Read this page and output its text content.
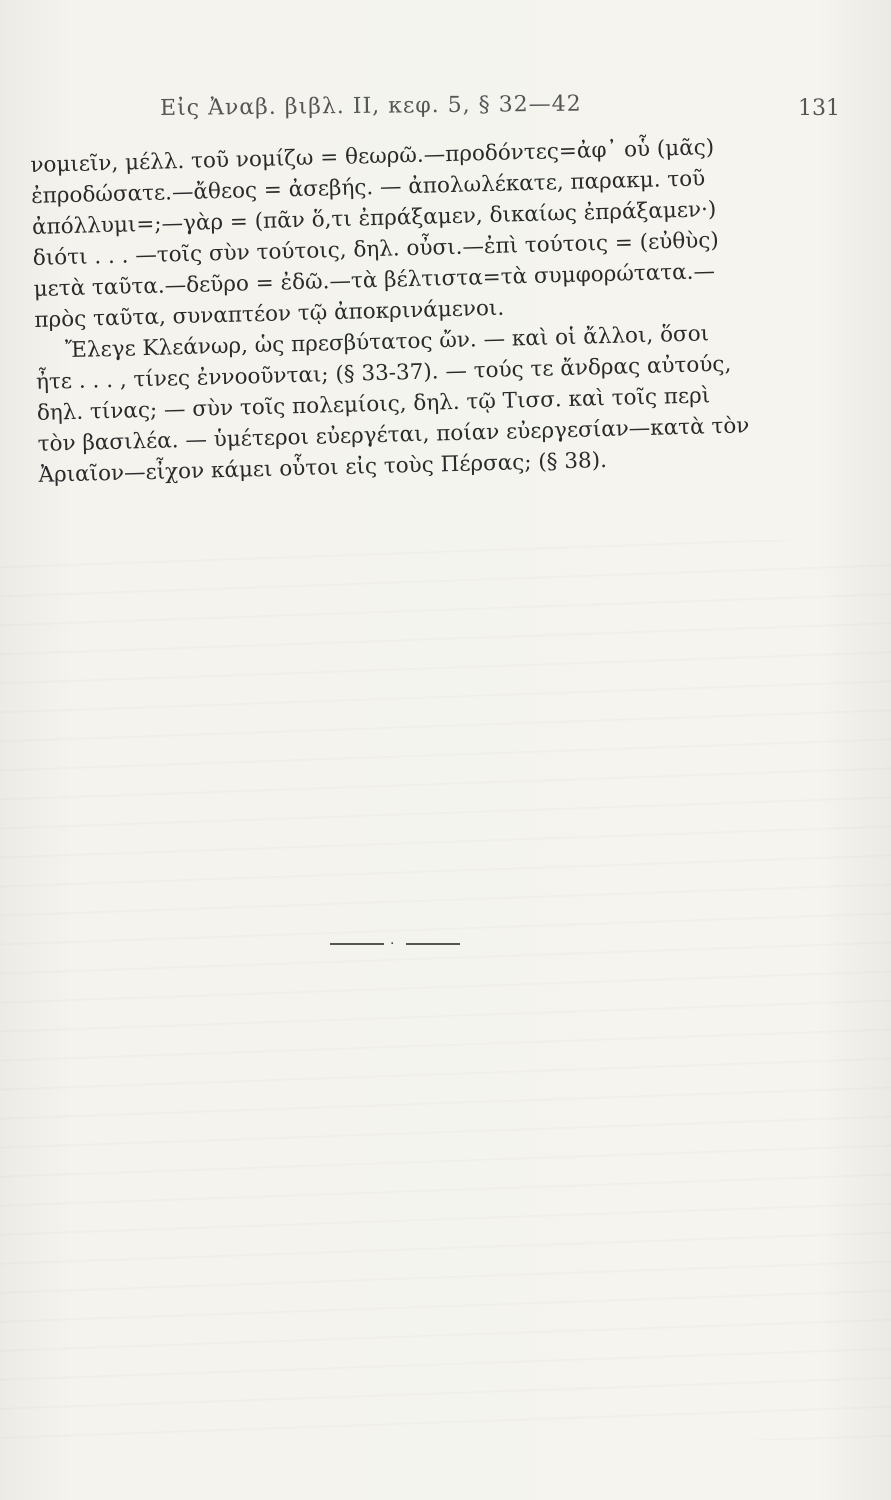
Εἰς Ἀναβ. βιβλ. ΙΙ, κεφ. 5, § 32—42	131
νομιεῖν, μέλλ. τοῦ νομίζω = θεωρῶ.—προδόντες=ἀφ᾽ οὗ (μᾶς)
ἐπροδώσατε.—ἄθεος = ἀσεβής. — ἀπολωλέκατε, παρακμ. τοῦ
ἀπόλλυμι=;—γὰρ = (πᾶν ὅ,τι ἐπράξαμεν, δικαίως ἐπράξαμεν·)
διότι . . . —τοῖς σὺν τούτοις, δηλ. οὖσι.—ἐπὶ τούτοις = (εὐθὺς)
μετὰ ταῦτα.—δεῦρο = ἐδῶ.—τὰ βέλτιστα=τὰ συμφορώτατα.—
πρὸς ταῦτα, συναπτέον τῷ ἀποκρινάμενοι.
Ἔλεγε Κλεάνωρ, ὡς πρεσβύτατος ὤν. — καὶ οἱ ἄλλοι, ὅσοι
ἦτε . . . , τίνες ἐννοοῦνται; (§ 33-37). — τούς τε ἄνδρας αὐτούς,
δηλ. τίνας; — σὺν τοῖς πολεμίοις, δηλ. τῷ Τισσ. καὶ τοῖς περὶ
τὸν βασιλέα. — ὑμέτεροι εὐεργέται, ποίαν εὐεργεσίαν—κατὰ τὸν
Ἀριαῖον—εἶχον κάμει οὗτοι εἰς τοὺς Πέρσας; (§ 38).
·
